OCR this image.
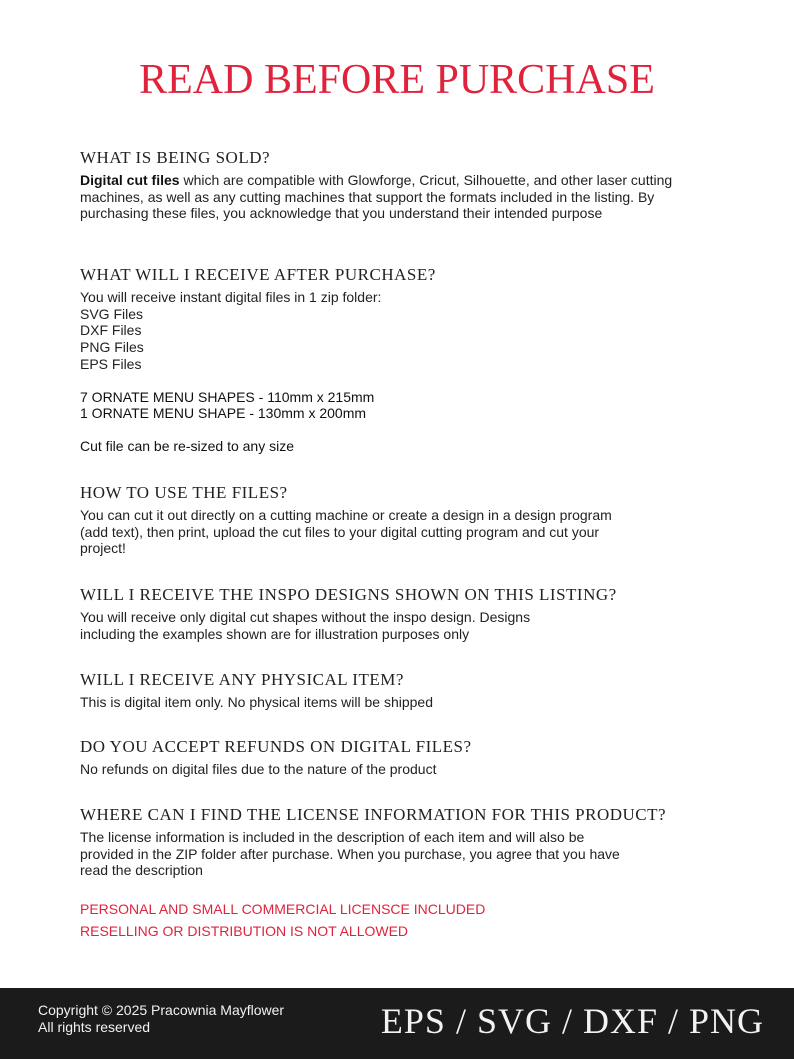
READ BEFORE PURCHASE
WHAT IS BEING SOLD?

Digital cut files which are compatible with Glowforge, Cricut, Silhouette, and other laser cutting machines, as well as any cutting machines that support the formats included in the listing. By purchasing these files, you acknowledge that you understand their intended purpose

WHAT WILL I RECEIVE AFTER PURCHASE?

You will receive instant digital files in 1 zip folder:

SVG Files

DXF Files

PNG Files

EPS Files

7 ORNATE MENU SHAPES - 110mm x 215mm

1 ORNATE MENU SHAPE - 130mm x 200mm

Cut file can be re-sized to any size

HOW TO USE THE FILES?

You can cut it out directly on a cutting machine or create a design in a design program (add text), then print, upload the cut files to your digital cutting program and cut your project!

WILL I RECEIVE THE INSPO DESIGNS SHOWN ON THIS LISTING?

You will receive only digital cut shapes without the inspo design. Designs including the examples shown are for illustration purposes only

WILL I RECEIVE ANY PHYSICAL ITEM?

This is digital item only. No physical items will be shipped

DO YOU ACCEPT REFUNDS ON DIGITAL FILES?

No refunds on digital files due to the nature of the product

WHERE CAN I FIND THE LICENSE INFORMATION FOR THIS PRODUCT?

The license information is included in the description of each item and will also be provided in the ZIP folder after purchase. When you purchase, you agree that you have read the description

PERSONAL AND SMALL COMMERCIAL LICENSCE INCLUDED

RESELLING OR DISTRIBUTION IS NOT ALLOWED

Copyright © 2025 Pracownia Mayflower
All rights reserved	EPS / SVG / DXF / PNG
